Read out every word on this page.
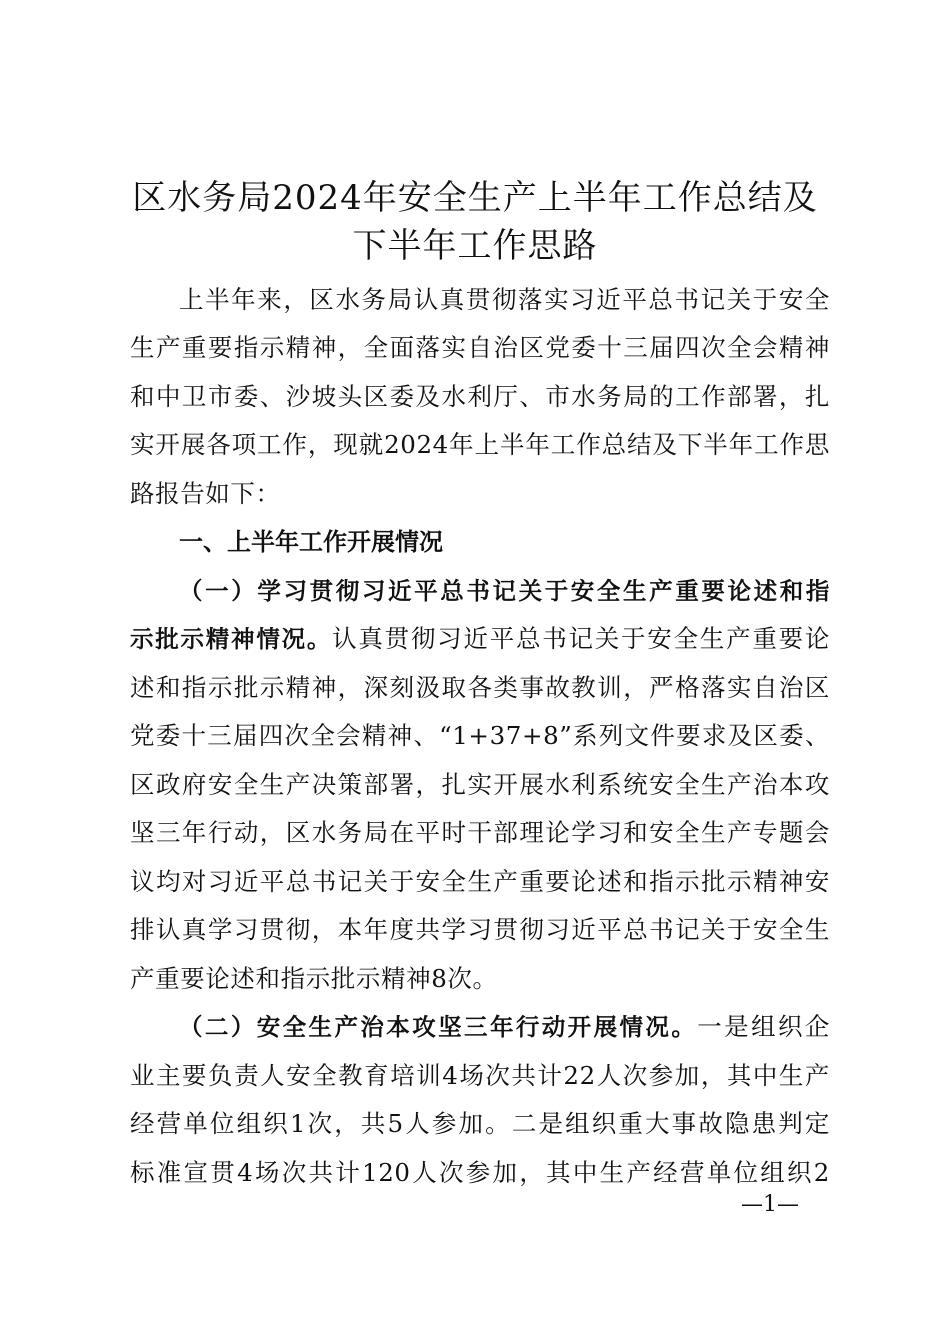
区水务局2024年安全生产上半年工作总结及
下半年工作思路
上半年来，区水务局认真贯彻落实习近平总书记关于安全
生产重要指示精神，全面落实自治区党委十三届四次全会精神
和中卫市委、沙坡头区委及水利厅、市水务局的工作部署，扎
实开展各项工作，现就2024年上半年工作总结及下半年工作思
路报告如下：
一、上半年工作开展情况
（一）学习贯彻习近平总书记关于安全生产重要论述和指
示批示精神情况。认真贯彻习近平总书记关于安全生产重要论
述和指示批示精神，深刻汲取各类事故教训，严格落实自治区
党委十三届四次全会精神、“1+37+8”系列文件要求及区委、
区政府安全生产决策部署，扎实开展水利系统安全生产治本攻
坚三年行动，区水务局在平时干部理论学习和安全生产专题会
议均对习近平总书记关于安全生产重要论述和指示批示精神安
排认真学习贯彻，本年度共学习贯彻习近平总书记关于安全生
产重要论述和指示批示精神8次。
（二）安全生产治本攻坚三年行动开展情况。一是组织企
业主要负责人安全教育培训4场次共计22人次参加，其中生产
经营单位组织1次，共5人参加。二是组织重大事故隐患判定
标准宣贯4场次共计120人次参加，其中生产经营单位组织2
—1—
